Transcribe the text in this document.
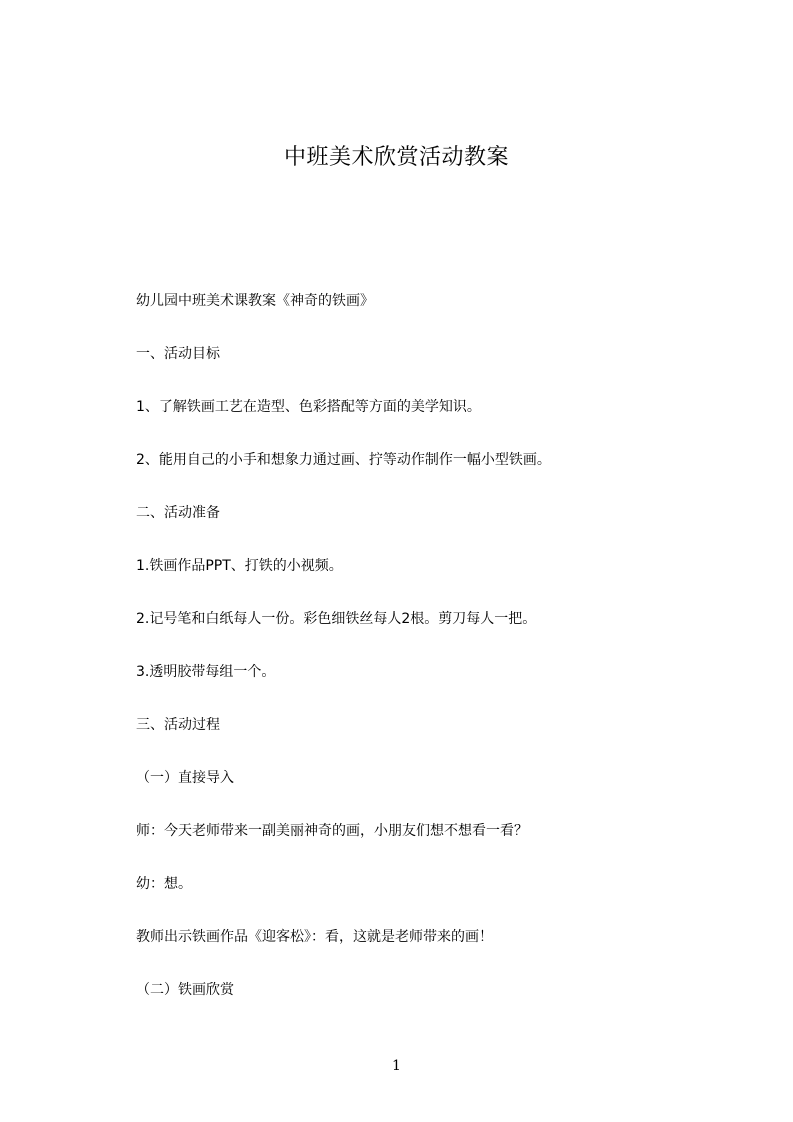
中班美术欣赏活动教案
幼儿园中班美术课教案《神奇的铁画》
一、活动目标
1、了解铁画工艺在造型、色彩搭配等方面的美学知识。
2、能用自己的小手和想象力通过画、拧等动作制作一幅小型铁画。
二、活动准备
1.铁画作品PPT、打铁的小视频。
2.记号笔和白纸每人一份。彩色细铁丝每人2根。剪刀每人一把。
3.透明胶带每组一个。
三、活动过程
（一）直接导入
师：今天老师带来一副美丽神奇的画，小朋友们想不想看一看？
幼：想。
教师出示铁画作品《迎客松》：看，这就是老师带来的画！
（二）铁画欣赏
1
